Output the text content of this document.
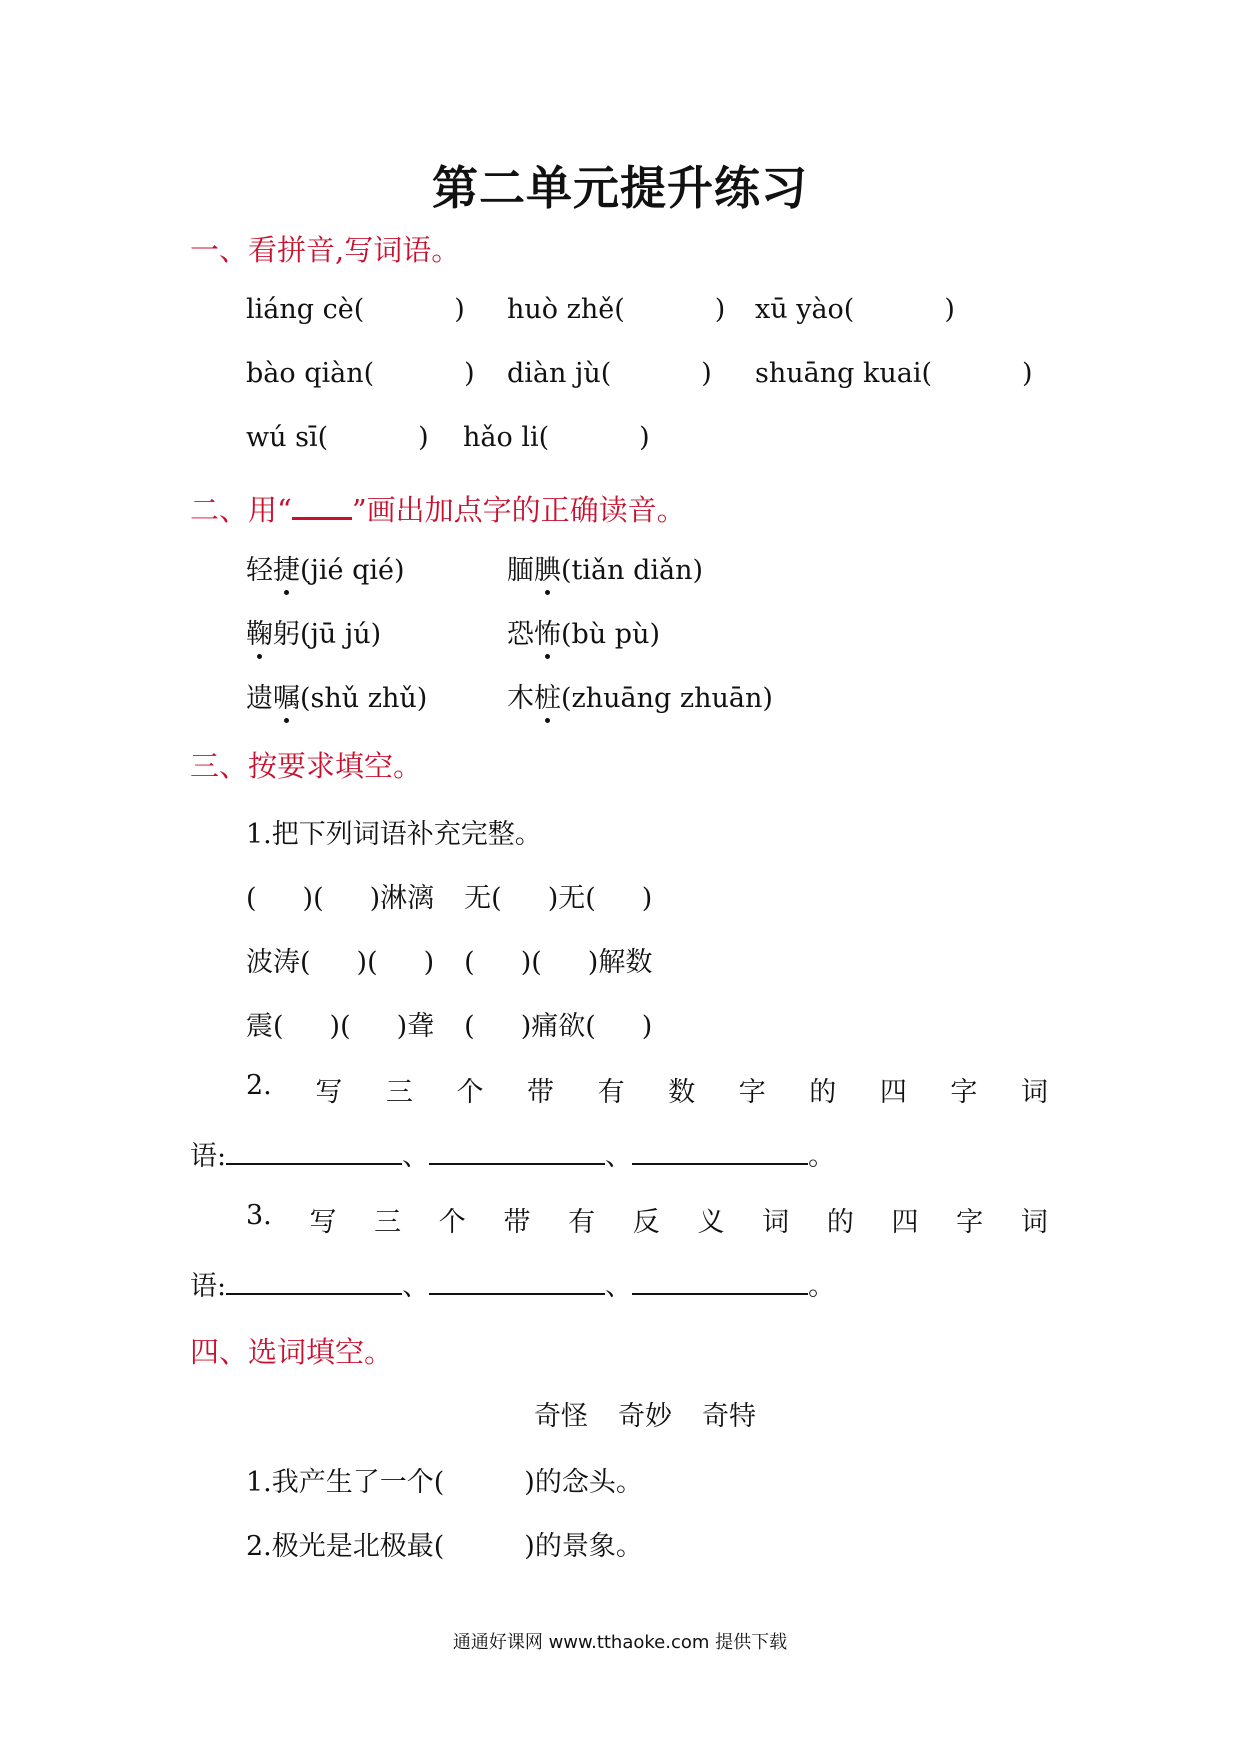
第二单元提升练习
一、看拼音,写词语。
liáng cè(	) huò zhě(	) xū yào(	)
bào qiàn(	) diàn jù(	) shuāng kuai(	)
wú sī(	) hǎo li(	)
二、用“ ”画出加点字的正确读音。
轻捷(jié qié)	腼腆(tiǎn diǎn)
鞠躬(jū jú)	恐怖(bù pù)
遗嘱(shǔ zhǔ)	木桩(zhuāng zhuān)
三、按要求填空。
1.把下列词语补充完整。
( )( )淋漓 无( )无( )
波涛( )( ) ( )( )解数
震( )( )聋 ( )痛欲( )
2. 写 三 个 带 有 数 字 的 四 字 词
语:	、	、	。
3. 写 三 个 带 有 反 义 词 的 四 字 词
语:	、	、	。
四、选词填空。
奇怪 奇妙 奇特
1.我产生了一个(	)的念头。
2.极光是北极最(	)的景象。
通通好课网 www.tthaoke.com 提供下载
